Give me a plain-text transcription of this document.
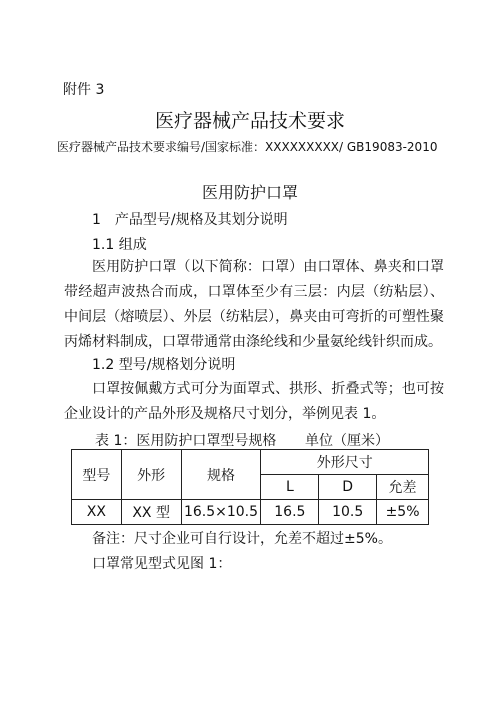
附件 3
医疗器械产品技术要求
医疗器械产品技术要求编号/国家标准：XXXXXXXXX/ GB19083-2010
医用防护口罩
1　产品型号/规格及其划分说明
1.1 组成

医用防护口罩（以下简称：口罩）由口罩体、鼻夹和口罩带经超声波热合而成，口罩体至少有三层：内层（纺粘层）、中间层（熔喷层）、外层（纺粘层），鼻夹由可弯折的可塑性聚丙烯材料制成，口罩带通常由涤纶线和少量氨纶线针织而成。

1.2 型号/规格划分说明

口罩按佩戴方式可分为面罩式、拱形、折叠式等；也可按企业设计的产品外形及规格尺寸划分，举例见表 1。

表 1：医用防护口罩型号规格 单位（厘米）
型号	外形	规格	外形尺寸		
			L	D	允差
XX	XX 型	16.5×10.5	16.5	10.5	±5%
备注：尺寸企业可自行设计，允差不超过±5%。
口罩常见型式见图 1：
